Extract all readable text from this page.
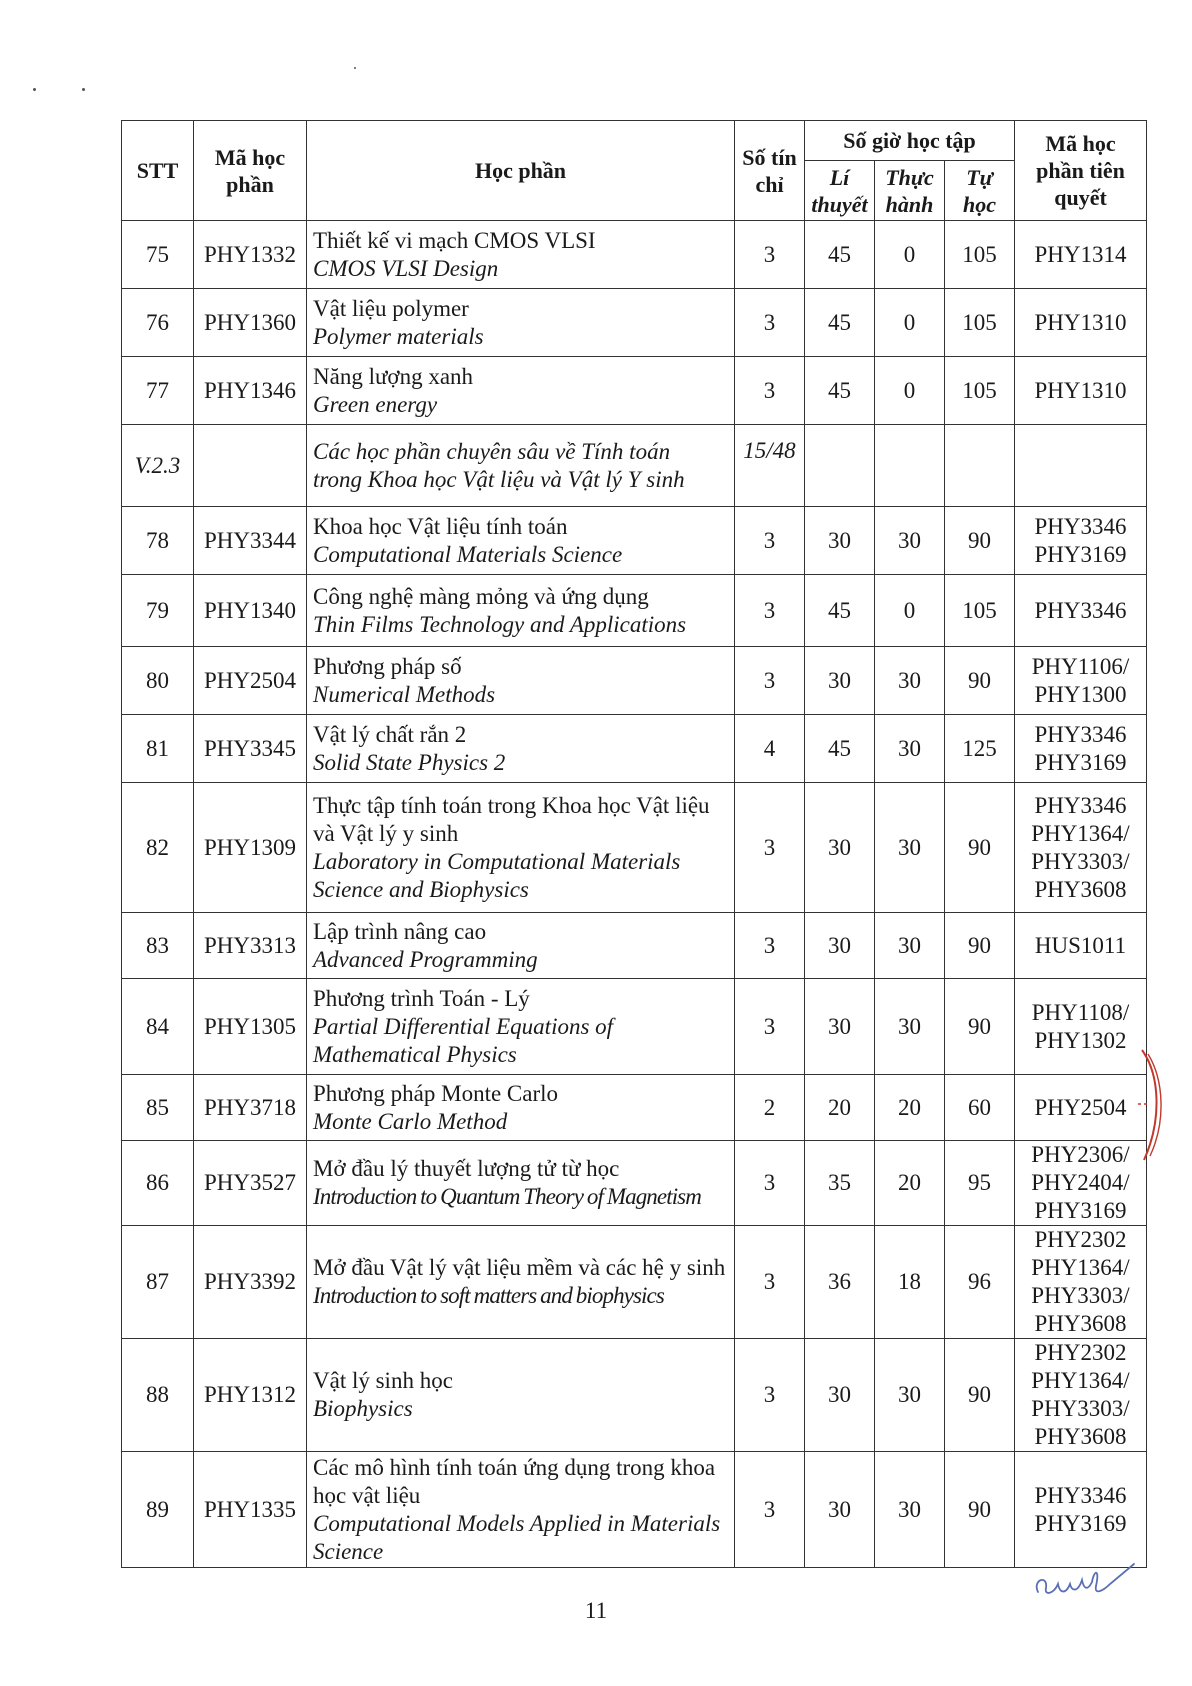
STT	Mã học phần	Học phần	Số tín chỉ	Số giờ học tập			Mã học phần tiên quyết
				Lí thuyết	Thực hành	Tự học	
75	PHY1332	Thiết kế vi mạch CMOS VLSI
CMOS VLSI Design	3	45	0	105	PHY1314

76	PHY1360	Vật liệu polymer
Polymer materials	3	45	0	105	PHY1310

77	PHY1346	Năng lượng xanh
Green energy	3	45	0	105	PHY1310

V.2.3		Các học phần chuyên sâu về Tính toán
trong Khoa học Vật liệu và Vật lý Y sinh	15/48				
78	PHY3344	Khoa học Vật liệu tính toán
Computational Materials Science	3	30	30	90	PHY3346
PHY3169

79	PHY1340	Công nghệ màng mỏng và ứng dụng
Thin Films Technology and Applications	3	45	0	105	PHY3346

80	PHY2504	Phương pháp số
Numerical Methods	3	30	30	90	PHY1106/
PHY1300

81	PHY3345	Vật lý chất rắn 2
Solid State Physics 2	4	45	30	125	PHY3346
PHY3169

82	PHY1309	Thực tập tính toán trong Khoa học Vật liệu và Vật lý y sinh
Laboratory in Computational Materials Science and Biophysics	3	30	30	90	PHY3346
PHY1364/
PHY3303/
PHY3608

83	PHY3313	Lập trình nâng cao
Advanced Programming	3	30	30	90	HUS1011

84	PHY1305	Phương trình Toán - Lý
Partial Differential Equations of Mathematical Physics	3	30	30	90	PHY1108/
PHY1302

85	PHY3718	Phương pháp Monte Carlo
Monte Carlo Method	2	20	20	60	PHY2504

86	PHY3527	Mở đầu lý thuyết lượng tử từ học
Introduction to Quantum Theory of Magnetism	3	35	20	95	PHY2306/
PHY2404/
PHY3169

87	PHY3392	Mở đầu Vật lý vật liệu mềm và các hệ y sinh
Introduction to soft matters and biophysics	3	36	18	96	PHY2302
PHY1364/
PHY3303/
PHY3608

88	PHY1312	Vật lý sinh học
Biophysics	3	30	30	90	PHY2302
PHY1364/
PHY3303/
PHY3608

89	PHY1335	Các mô hình tính toán ứng dụng trong khoa học vật liệu
Computational Models Applied in Materials Science	3	30	30	90	PHY3346
PHY3169
11
